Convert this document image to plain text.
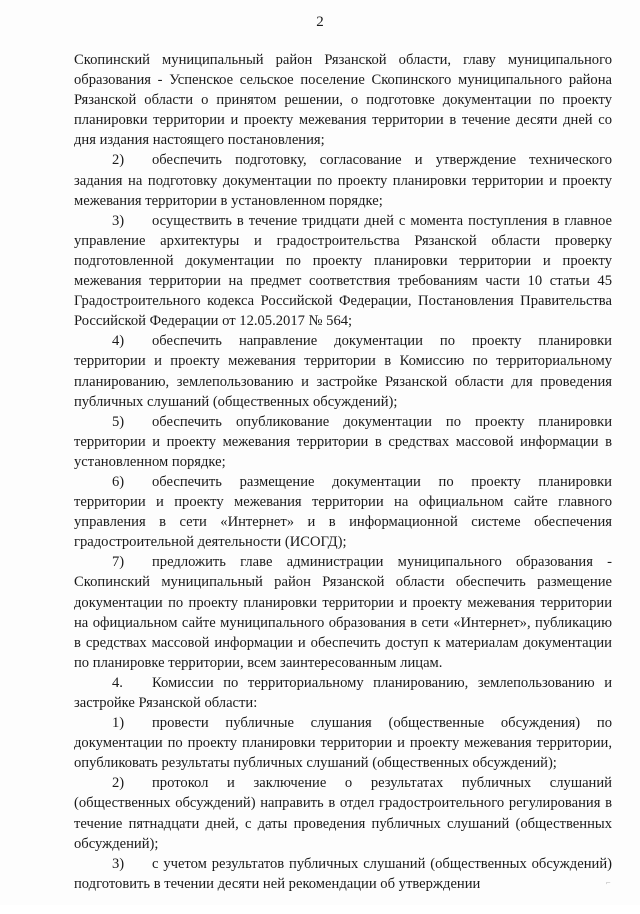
2

Скопинский муниципальный район Рязанской области, главу муниципального образования - Успенское сельское поселение Скопинского муниципального района Рязанской области о принятом решении, о подготовке документации по проекту планировки территории и проекту межевания территории в течение десяти дней со дня издания настоящего постановления;

2) обеспечить подготовку, согласование и утверждение технического задания на подготовку документации по проекту планировки территории и проекту межевания территории в установленном порядке;

3) осуществить в течение тридцати дней с момента поступления в главное управление архитектуры и градостроительства Рязанской области проверку подготовленной документации по проекту планировки территории и проекту межевания территории на предмет соответствия требованиям части 10 статьи 45 Градостроительного кодекса Российской Федерации, Постановления Правительства Российской Федерации от 12.05.2017 № 564;

4) обеспечить направление документации по проекту планировки территории и проекту межевания территории в Комиссию по территориальному планированию, землепользованию и застройке Рязанской области для проведения публичных слушаний (общественных обсуждений);

5) обеспечить опубликование документации по проекту планировки территории и проекту межевания территории в средствах массовой информации в установленном порядке;

6) обеспечить размещение документации по проекту планировки территории и проекту межевания территории на официальном сайте главного управления в сети «Интернет» и в информационной системе обеспечения градостроительной деятельности (ИСОГД);

7) предложить главе администрации муниципального образования - Скопинский муниципальный район Рязанской области обеспечить размещение документации по проекту планировки территории и проекту межевания территории на официальном сайте муниципального образования в сети «Интернет», публикацию в средствах массовой информации и обеспечить доступ к материалам документации по планировке территории, всем заинтересованным лицам.

4. Комиссии по территориальному планированию, землепользованию и застройке Рязанской области:

1) провести публичные слушания (общественные обсуждения) по документации по проекту планировки территории и проекту межевания территории, опубликовать результаты публичных слушаний (общественных обсуждений);

2) протокол и заключение о результатах публичных слушаний (общественных обсуждений) направить в отдел градостроительного регулирования в течение пятнадцати дней, с даты проведения публичных слушаний (общественных обсуждений);

3) с учетом результатов публичных слушаний (общественных обсуждений) подготовить в течении десяти ней рекомендации об утверждении	⌐
